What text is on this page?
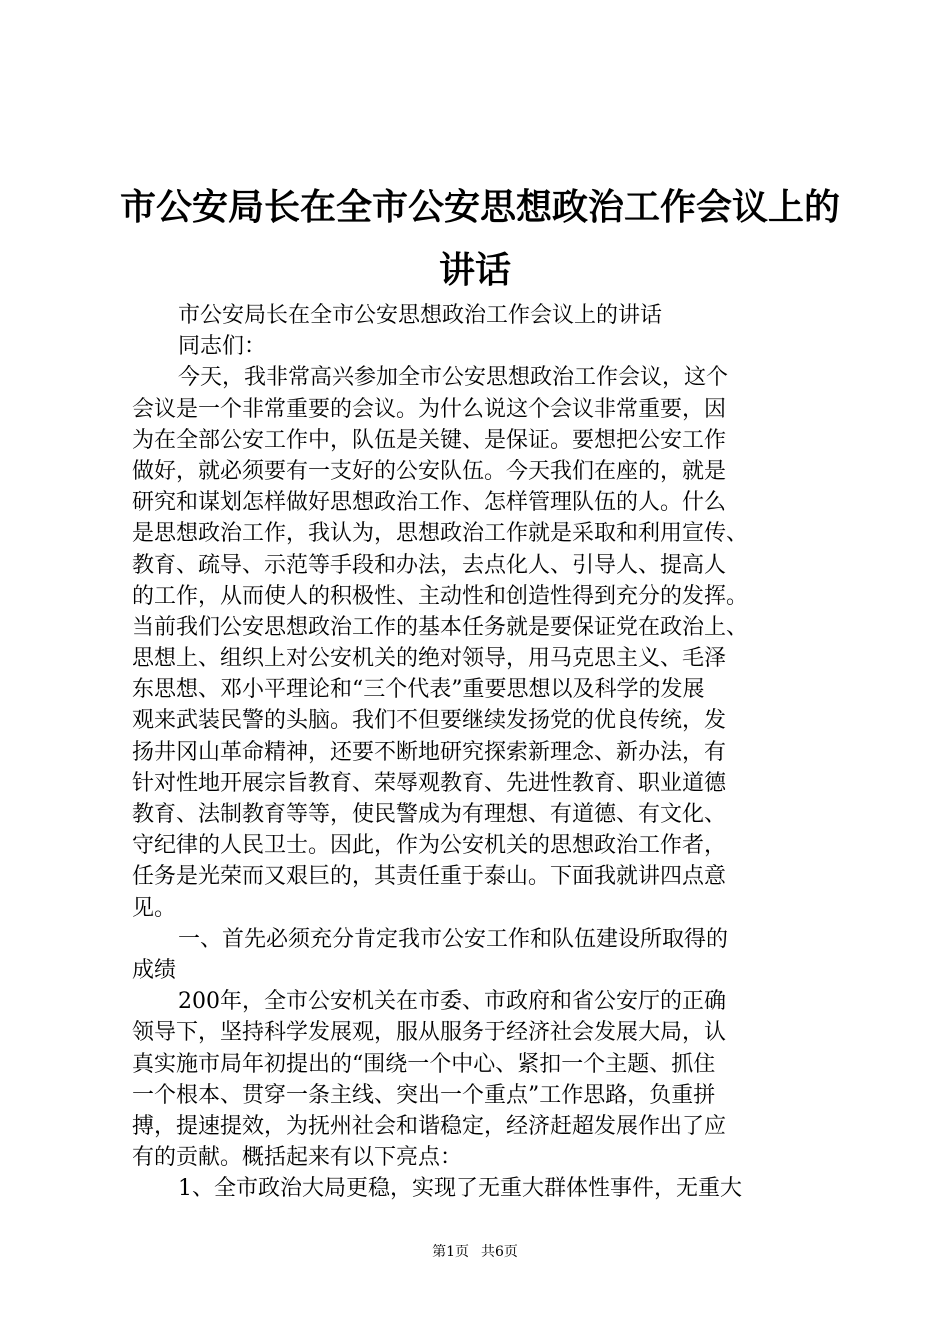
市公安局长在全市公安思想政治工作会议上的
讲话
市公安局长在全市公安思想政治工作会议上的讲话
同志们：
今天，我非常高兴参加全市公安思想政治工作会议，这个
会议是一个非常重要的会议。为什么说这个会议非常重要，因
为在全部公安工作中，队伍是关键、是保证。要想把公安工作
做好，就必须要有一支好的公安队伍。今天我们在座的，就是
研究和谋划怎样做好思想政治工作、怎样管理队伍的人。什么
是思想政治工作，我认为，思想政治工作就是采取和利用宣传、
教育、疏导、示范等手段和办法，去点化人、引导人、提高人
的工作，从而使人的积极性、主动性和创造性得到充分的发挥。
当前我们公安思想政治工作的基本任务就是要保证党在政治上、
思想上、组织上对公安机关的绝对领导，用马克思主义、毛泽
东思想、邓小平理论和“三个代表”重要思想以及科学的发展
观来武装民警的头脑。我们不但要继续发扬党的优良传统，发
扬井冈山革命精神，还要不断地研究探索新理念、新办法，有
针对性地开展宗旨教育、荣辱观教育、先进性教育、职业道德
教育、法制教育等等，使民警成为有理想、有道德、有文化、
守纪律的人民卫士。因此，作为公安机关的思想政治工作者，
任务是光荣而又艰巨的，其责任重于泰山。下面我就讲四点意
见。
一、首先必须充分肯定我市公安工作和队伍建设所取得的
成绩
200年，全市公安机关在市委、市政府和省公安厅的正确
领导下，坚持科学发展观，服从服务于经济社会发展大局，认
真实施市局年初提出的“围绕一个中心、紧扣一个主题、抓住
一个根本、贯穿一条主线、突出一个重点”工作思路，负重拼
搏，提速提效，为抚州社会和谐稳定，经济赶超发展作出了应
有的贡献。概括起来有以下亮点：
1、全市政治大局更稳，实现了无重大群体性事件，无重大
第1页 共6页
